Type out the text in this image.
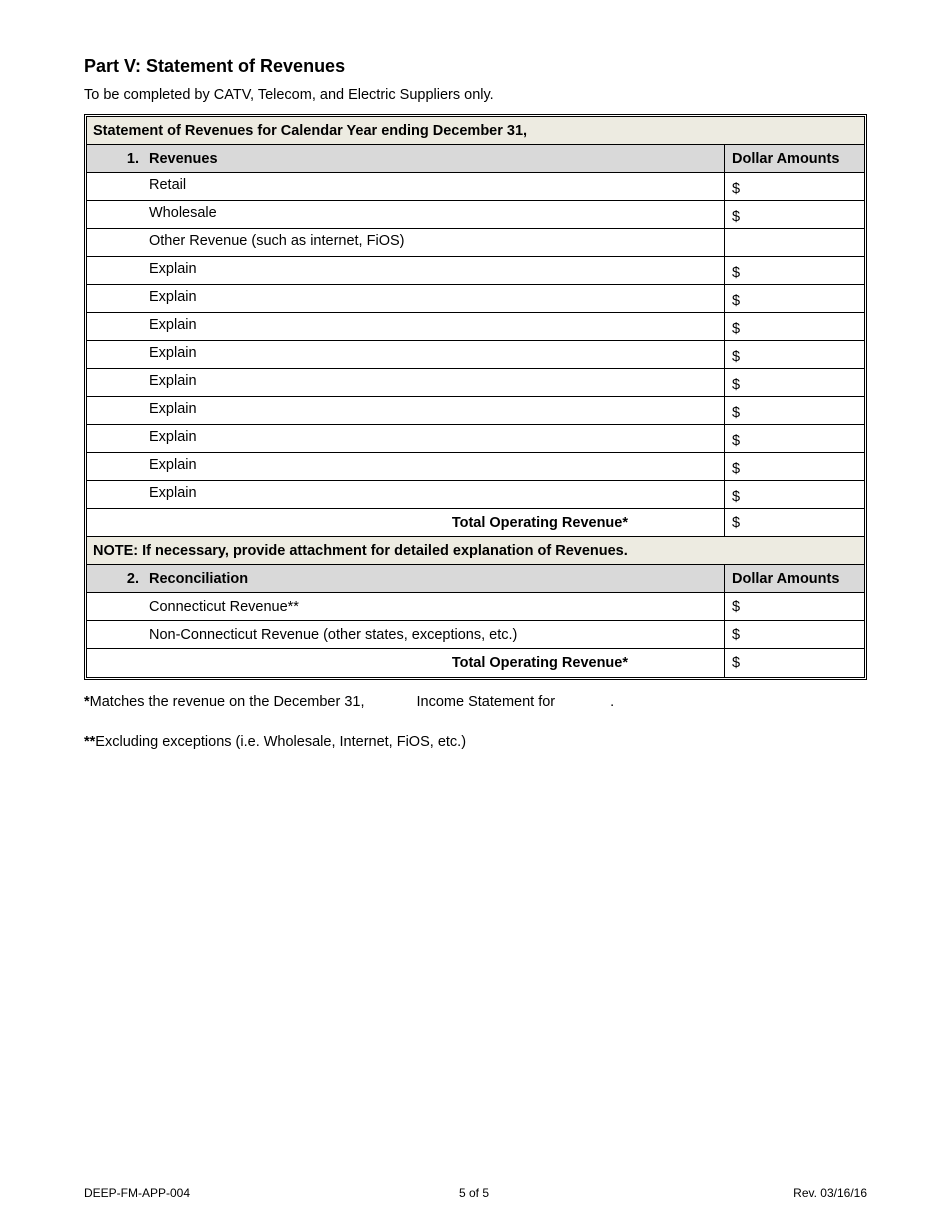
Part V: Statement of Revenues
To be completed by CATV, Telecom, and Electric Suppliers only.
Statement of Revenues for Calendar Year ending December 31,
1. Revenues	Dollar Amounts
Retail	$
Wholesale	$
Other Revenue (such as internet, FiOS)
Explain	$
Explain	$
Explain	$
Explain	$
Explain	$
Explain	$
Explain	$
Explain	$
Explain	$
Total Operating Revenue*	$
NOTE: If necessary, provide attachment for detailed explanation of Revenues.
2. Reconciliation	Dollar Amounts
Connecticut Revenue**	$
Non-Connecticut Revenue (other states, exceptions, etc.)	$
Total Operating Revenue*	$
*Matches the revenue on the December 31,	Income Statement for	.
**Excluding exceptions (i.e. Wholesale, Internet, FiOS, etc.)
DEEP-FM-APP-004	5 of 5	Rev. 03/16/16
